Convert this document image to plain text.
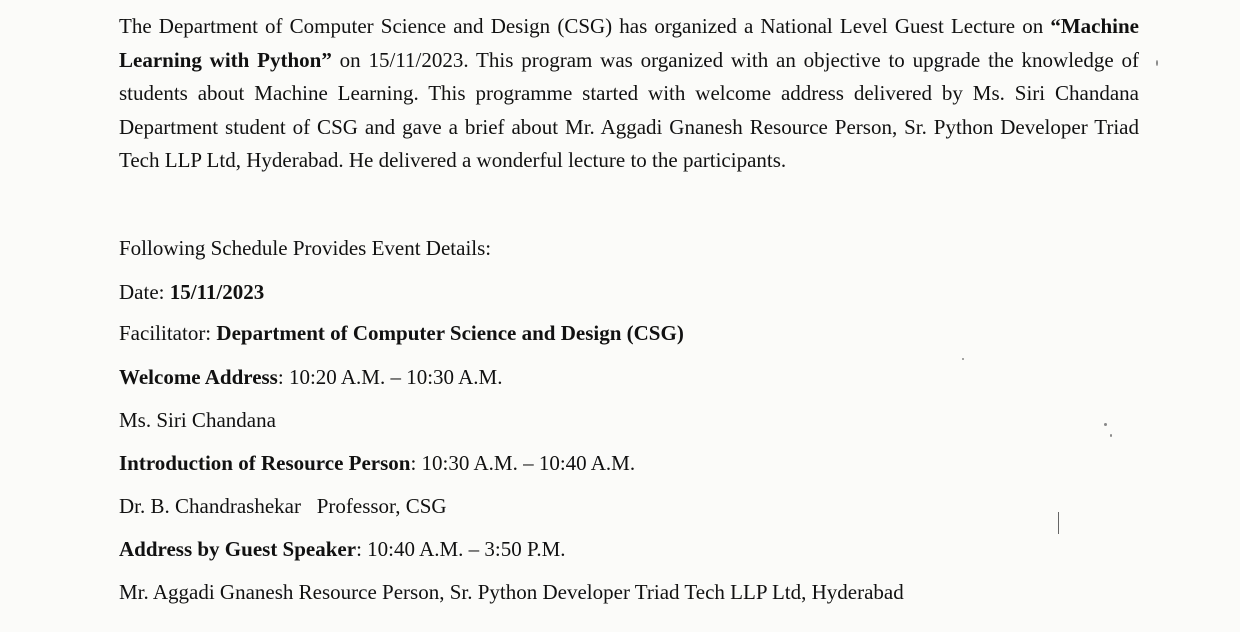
The Department of Computer Science and Design (CSG) has organized a National Level Guest Lecture on “Machine Learning with Python” on 15/11/2023. This program was organized with an objective to upgrade the knowledge of students about Machine Learning. This programme started with welcome address delivered by Ms. Siri Chandana Department student of CSG and gave a brief about Mr. Aggadi Gnanesh Resource Person, Sr. Python Developer Triad Tech LLP Ltd, Hyderabad. He delivered a wonderful lecture to the participants.

Following Schedule Provides Event Details:

Date: 15/11/2023

Facilitator: Department of Computer Science and Design (CSG)

Welcome Address: 10:20 A.M. – 10:30 A.M.

Ms. Siri Chandana

Introduction of Resource Person: 10:30 A.M. – 10:40 A.M.

Dr. B. Chandrashekar   Professor, CSG

Address by Guest Speaker: 10:40 A.M. – 3:50 P.M.

Mr. Aggadi Gnanesh Resource Person, Sr. Python Developer Triad Tech LLP Ltd, Hyderabad
